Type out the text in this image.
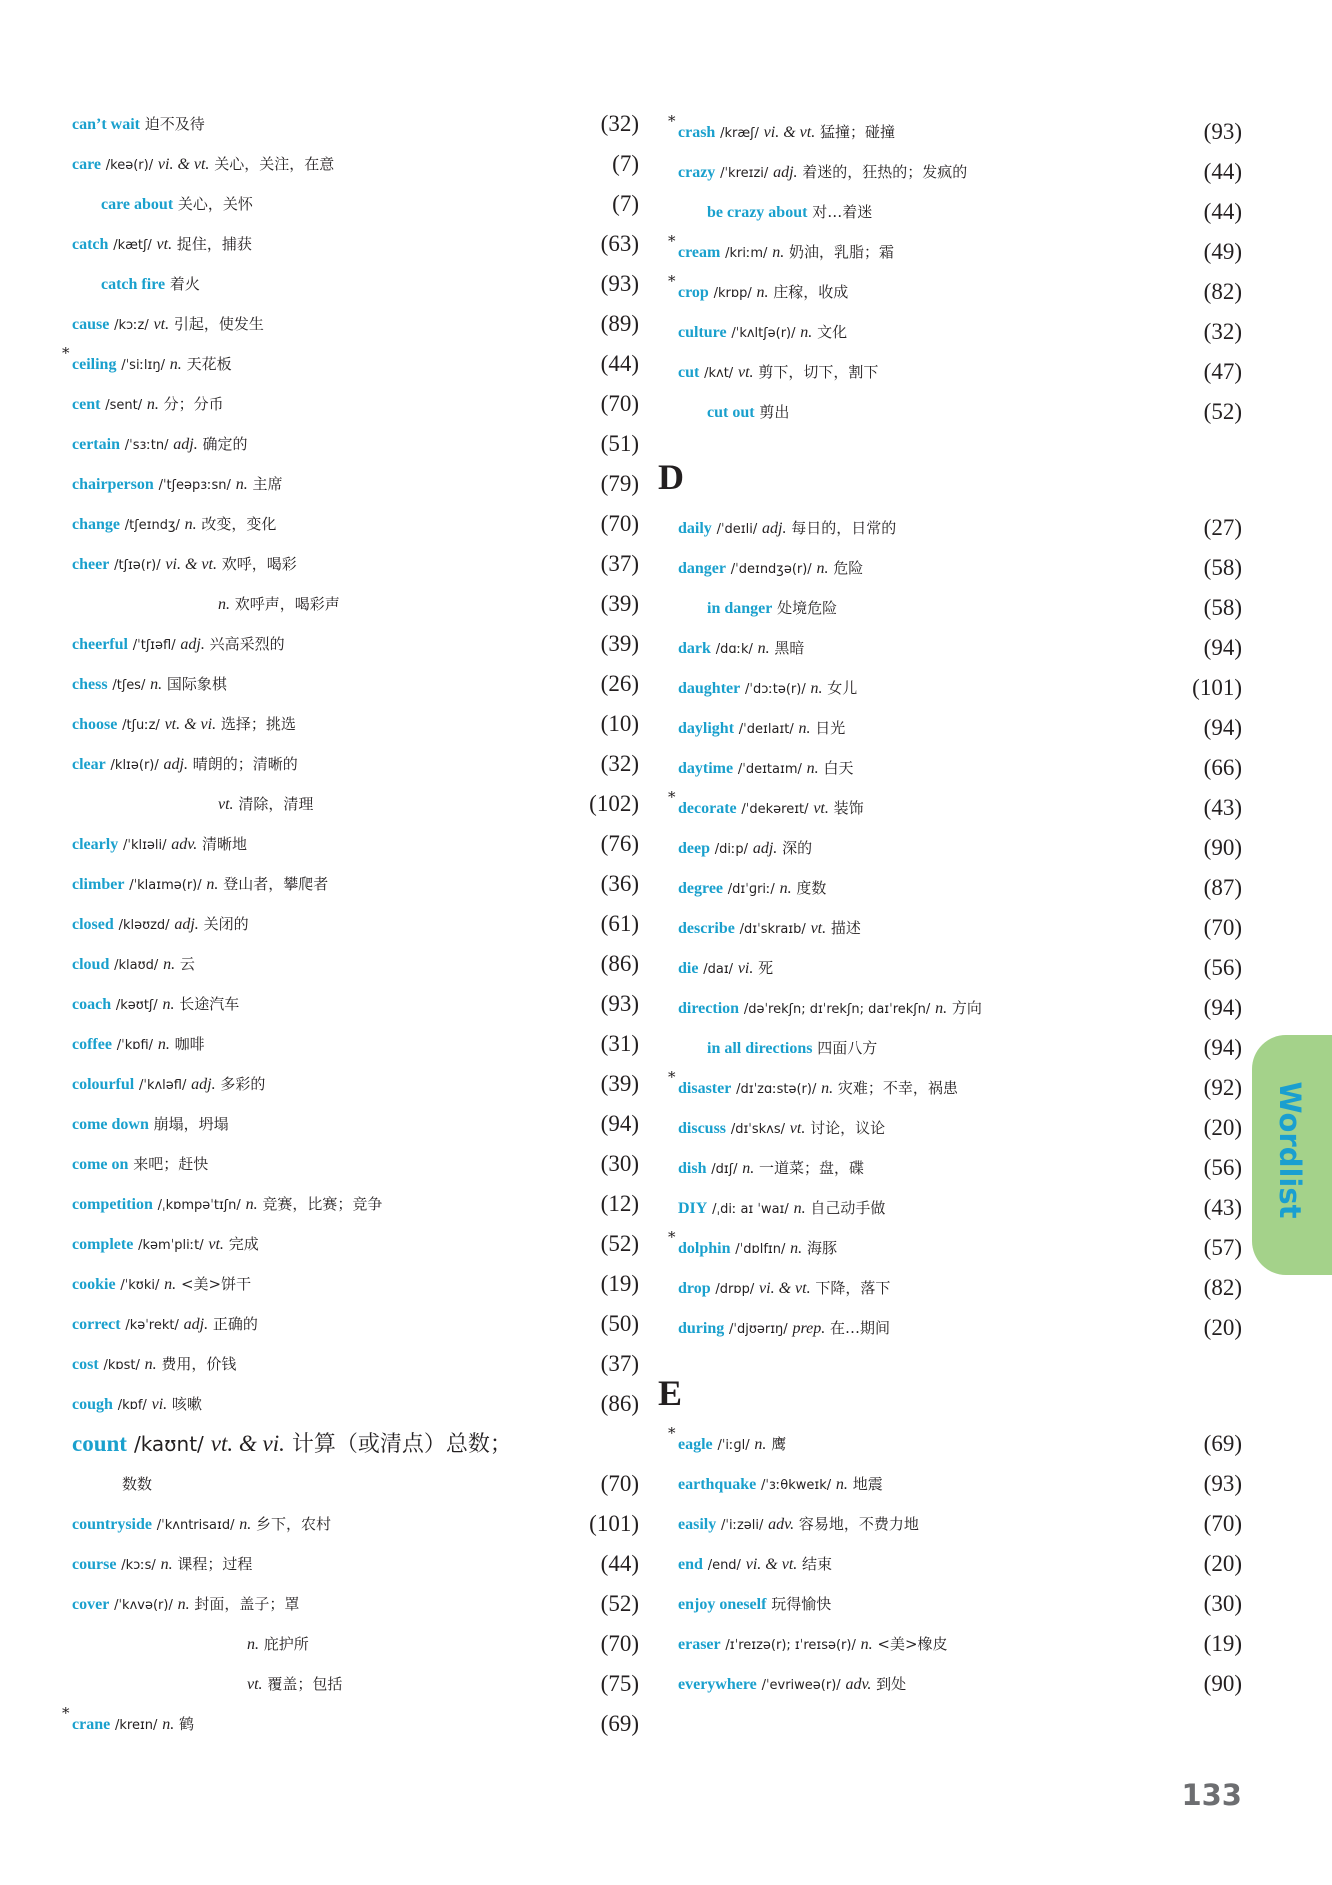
can’t wait 迫不及待	(32)
care /keə(r)/ vi. & vt. 关心，关注，在意	(7)
care about 关心，关怀	(7)
catch /kætʃ/ vt. 捉住，捕获	(63)
catch fire 着火	(93)
cause /kɔːz/ vt. 引起，使发生	(89)
*
ceiling /ˈsiːlɪŋ/ n. 天花板	(44)
cent /sent/ n. 分；分币	(70)
certain /ˈsɜːtn/ adj. 确定的	(51)
chairperson /ˈtʃeəpɜːsn/ n. 主席	(79)
change /tʃeɪndʒ/ n. 改变，变化	(70)
cheer /tʃɪə(r)/ vi. & vt. 欢呼，喝彩	(37)
n. 欢呼声，喝彩声	(39)
cheerful /ˈtʃɪəfl/ adj. 兴高采烈的	(39)
chess /tʃes/ n. 国际象棋	(26)
choose /tʃuːz/ vt. & vi. 选择；挑选	(10)
clear /klɪə(r)/ adj. 晴朗的；清晰的	(32)
vt. 清除，清理	(102)
clearly /ˈklɪəli/ adv. 清晰地	(76)
climber /ˈklaɪmə(r)/ n. 登山者，攀爬者	(36)
closed /kləʊzd/ adj. 关闭的	(61)
cloud /klaʊd/ n. 云	(86)
coach /kəʊtʃ/ n. 长途汽车	(93)
coffee /ˈkɒfi/ n. 咖啡	(31)
colourful /ˈkʌləfl/ adj. 多彩的	(39)
come down 崩塌，坍塌	(94)
come on 来吧；赶快	(30)
competition /ˌkɒmpəˈtɪʃn/ n. 竞赛，比赛；竞争	(12)
complete /kəmˈpliːt/ vt. 完成	(52)
cookie /ˈkʊki/ n. <美>饼干	(19)
correct /kəˈrekt/ adj. 正确的	(50)
cost /kɒst/ n. 费用，价钱	(37)
cough /kɒf/ vi. 咳嗽	(86)
count /kaʊnt/ vt. & vi. 计算（或清点）总数；
数数	(70)
countryside /ˈkʌntrisaɪd/ n. 乡下，农村	(101)
course /kɔːs/ n. 课程；过程	(44)
cover /ˈkʌvə(r)/ n. 封面，盖子；罩	(52)
n. 庇护所	(70)
vt. 覆盖；包括	(75)
*
crane /kreɪn/ n. 鹤	(69)
*
crash /kræʃ/ vi. & vt. 猛撞；碰撞	(93)
crazy /ˈkreɪzi/ adj. 着迷的，狂热的；发疯的	(44)
be crazy about 对…着迷	(44)
*
cream /kriːm/ n. 奶油，乳脂；霜	(49)
*
crop /krɒp/ n. 庄稼，收成	(82)
culture /ˈkʌltʃə(r)/ n. 文化	(32)
cut /kʌt/ vt. 剪下，切下，割下	(47)
cut out 剪出	(52)
D
daily /ˈdeɪli/ adj. 每日的，日常的	(27)
danger /ˈdeɪndʒə(r)/ n. 危险	(58)
in danger 处境危险	(58)
dark /dɑːk/ n. 黑暗	(94)
daughter /ˈdɔːtə(r)/ n. 女儿	(101)
daylight /ˈdeɪlaɪt/ n. 日光	(94)
daytime /ˈdeɪtaɪm/ n. 白天	(66)
*
decorate /ˈdekəreɪt/ vt. 装饰	(43)
deep /diːp/ adj. 深的	(90)
degree /dɪˈɡriː/ n. 度数	(87)
describe /dɪˈskraɪb/ vt. 描述	(70)
die /daɪ/ vi. 死	(56)
direction /dəˈrekʃn; dɪˈrekʃn; daɪˈrekʃn/ n. 方向	(94)
in all directions 四面八方	(94)
*
disaster /dɪˈzɑːstə(r)/ n. 灾难；不幸，祸患	(92)
discuss /dɪˈskʌs/ vt. 讨论，议论	(20)
dish /dɪʃ/ n. 一道菜；盘，碟	(56)
DIY /ˌdiː aɪ ˈwaɪ/ n. 自己动手做	(43)
*
dolphin /ˈdɒlfɪn/ n. 海豚	(57)
drop /drɒp/ vi. & vt. 下降，落下	(82)
during /ˈdjʊərɪŋ/ prep. 在…期间	(20)
E
*
eagle /ˈiːɡl/ n. 鹰	(69)
earthquake /ˈɜːθkweɪk/ n. 地震	(93)
easily /ˈiːzəli/ adv. 容易地，不费力地	(70)
end /end/ vi. & vt. 结束	(20)
enjoy oneself 玩得愉快	(30)
eraser /ɪˈreɪzə(r); ɪˈreɪsə(r)/ n. <美>橡皮	(19)
everywhere /ˈevriweə(r)/ adv. 到处	(90)
Wordlist
133
